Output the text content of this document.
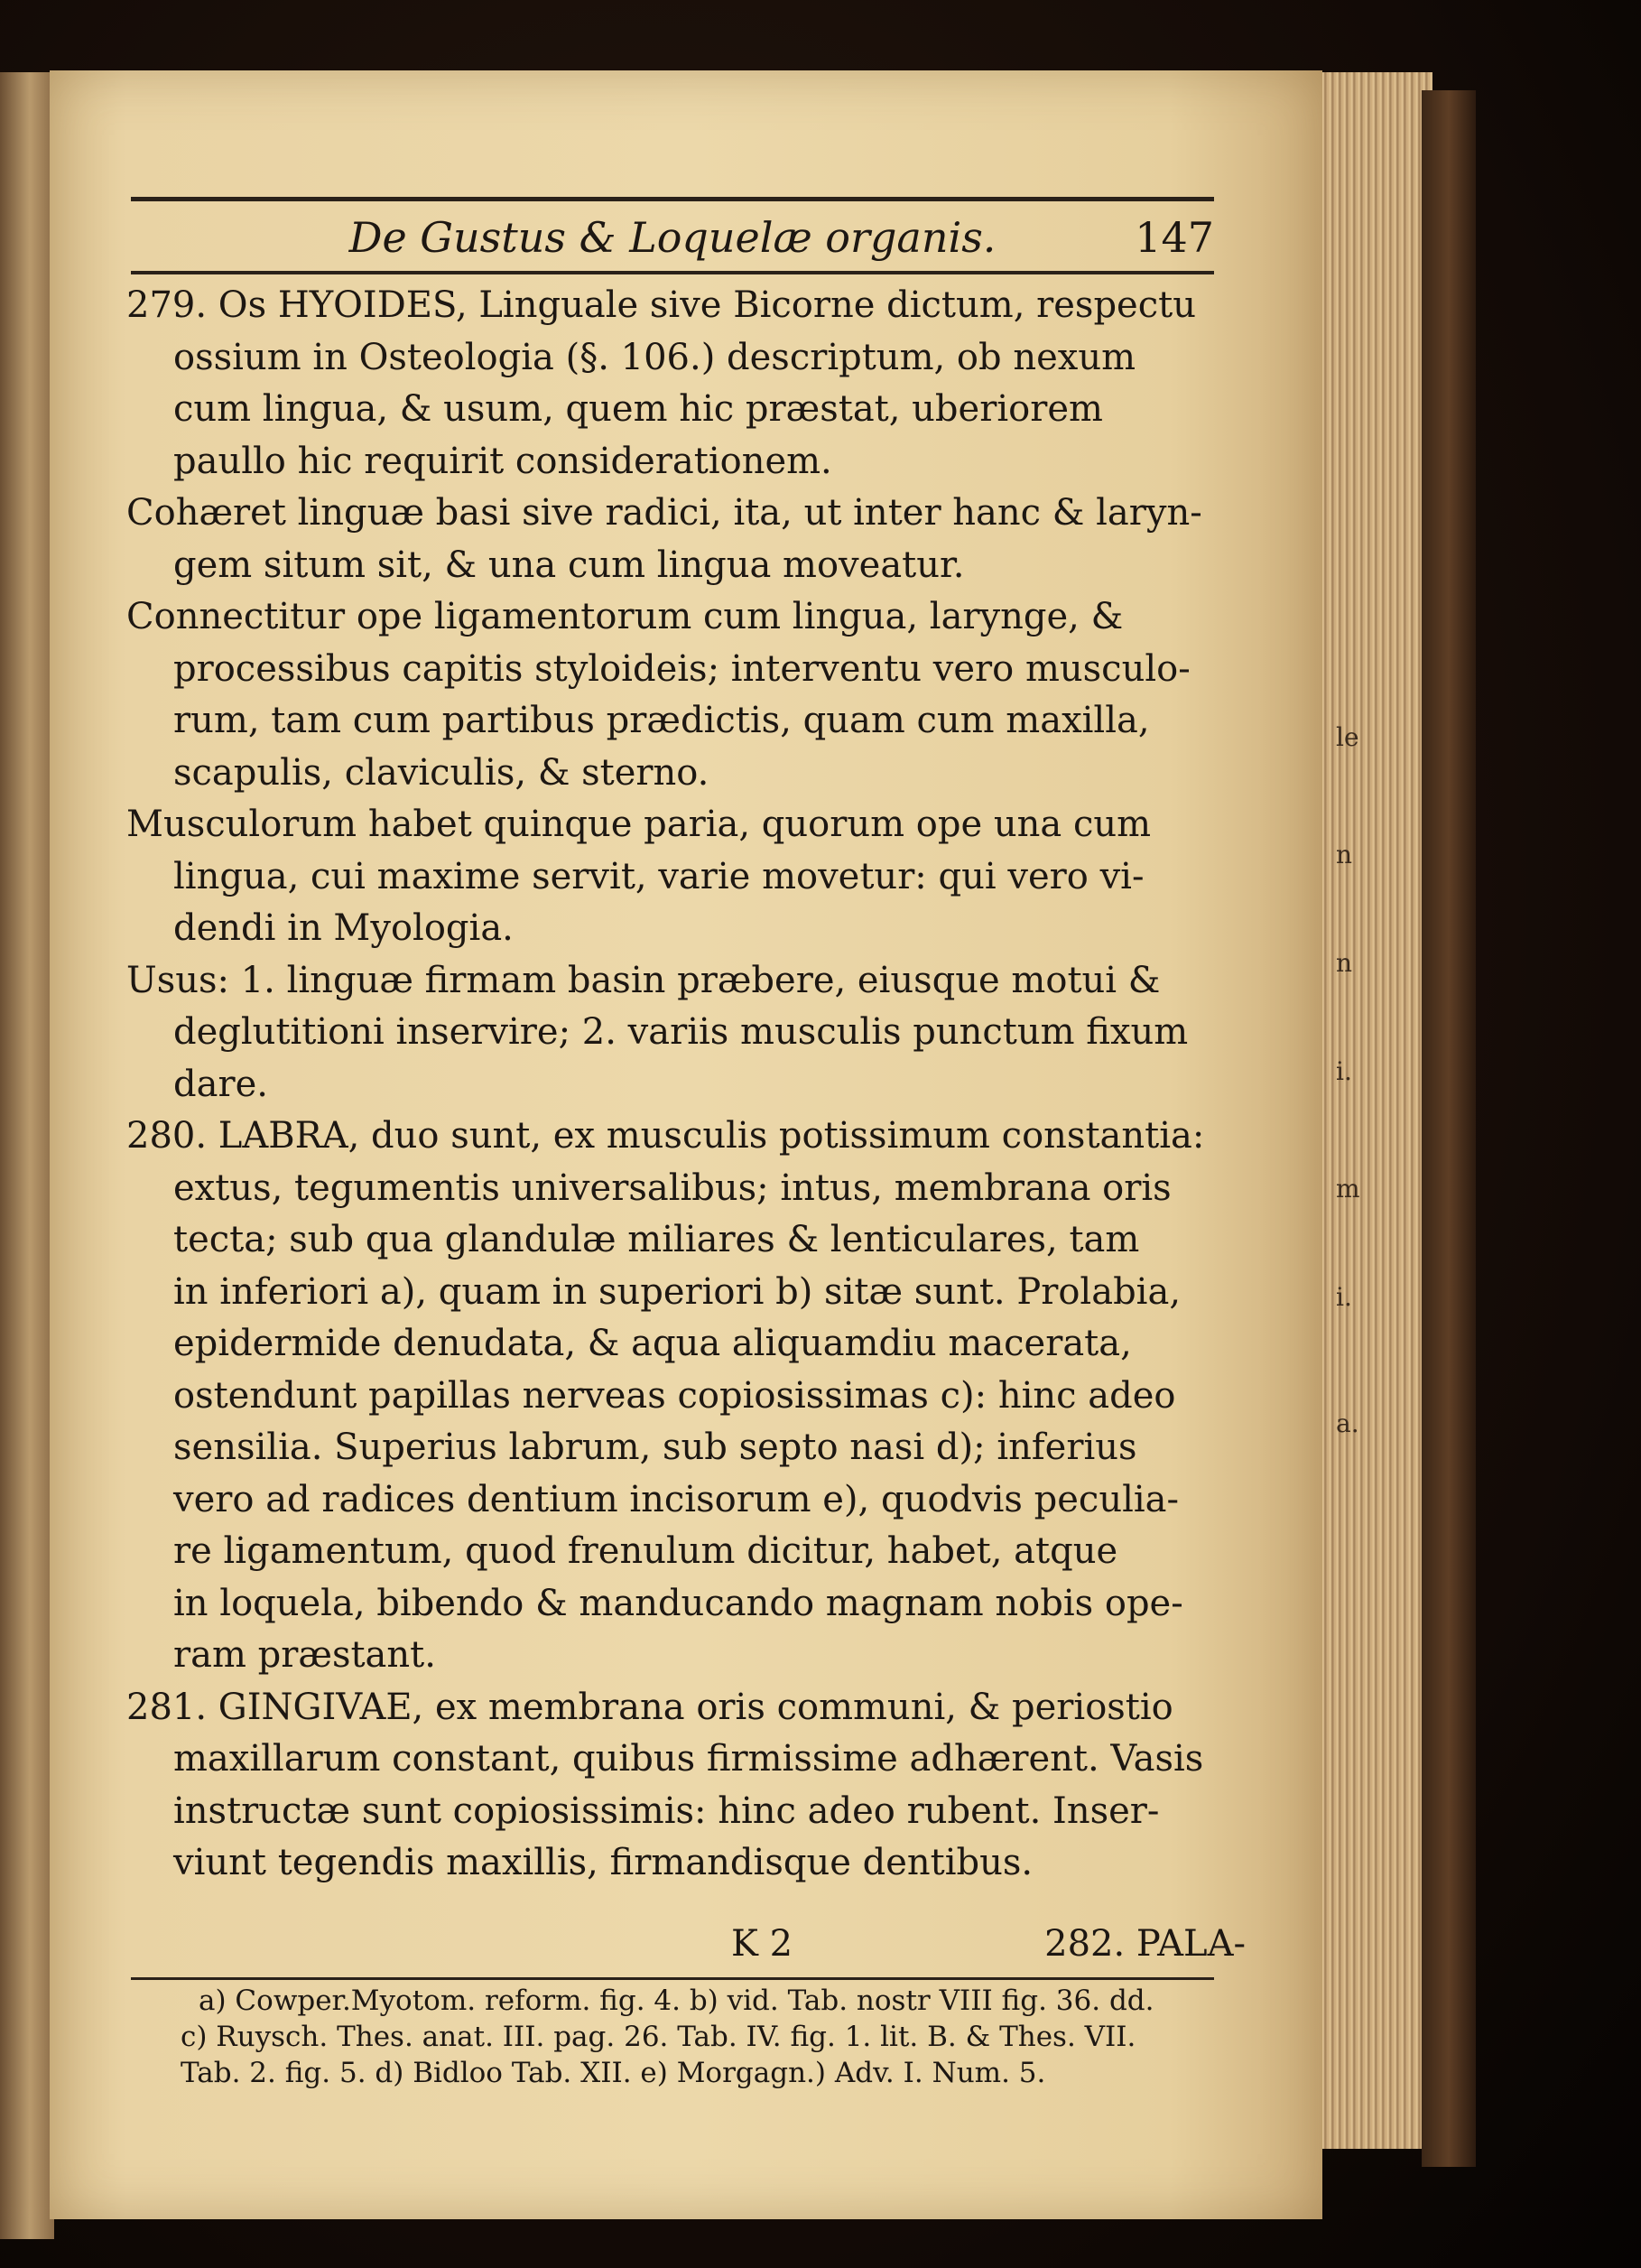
De Gustus & Loquelæ organis.	147
279. Os HYOIDES, Linguale sive Bicorne dictum, respectu
ossium in Osteologia (§. 106.) descriptum, ob nexum
cum lingua, & usum, quem hic præstat, uberiorem
paullo hic requirit considerationem.
Cohæret linguæ basi sive radici, ita, ut inter hanc & laryn-
gem situm sit, & una cum lingua moveatur.
Connectitur ope ligamentorum cum lingua, larynge, &
processibus capitis styloideis; interventu vero musculo-
rum, tam cum partibus prædictis, quam cum maxilla,
scapulis, claviculis, & sterno.
Musculorum habet quinque paria, quorum ope una cum
lingua, cui maxime servit, varie movetur: qui vero vi-
dendi in Myologia.
Usus: 1. linguæ firmam basin præbere, eiusque motui &
deglutitioni inservire; 2. variis musculis punctum fixum
dare.
280. LABRA, duo sunt, ex musculis potissimum constantia:
extus, tegumentis universalibus; intus, membrana oris
tecta; sub qua glandulæ miliares & lenticulares, tam
in inferiori a), quam in superiori b) sitæ sunt. Prolabia,
epidermide denudata, & aqua aliquamdiu macerata,
ostendunt papillas nerveas copiosissimas c): hinc adeo
sensilia. Superius labrum, sub septo nasi d); inferius
vero ad radices dentium incisorum e), quodvis peculia-
re ligamentum, quod frenulum dicitur, habet, atque
in loquela, bibendo & manducando magnam nobis ope-
ram præstant.
281. GINGIVAE, ex membrana oris communi, & periostio
maxillarum constant, quibus firmissime adhærent. Vasis
instructæ sunt copiosissimis: hinc adeo rubent. Inser-
viunt tegendis maxillis, firmandisque dentibus.
K 2	282. PALA-
a) Cowper.Myotom. reform. fig. 4. b) vid. Tab. nostr VIII fig. 36. dd.
c) Ruysch. Thes. anat. III. pag. 26. Tab. IV. fig. 1. lit. B. & Thes. VII.
Tab. 2. fig. 5. d) Bidloo Tab. XII. e) Morgagn.) Adv. I. Num. 5.
le
n
n
i.
m
i.
a.
